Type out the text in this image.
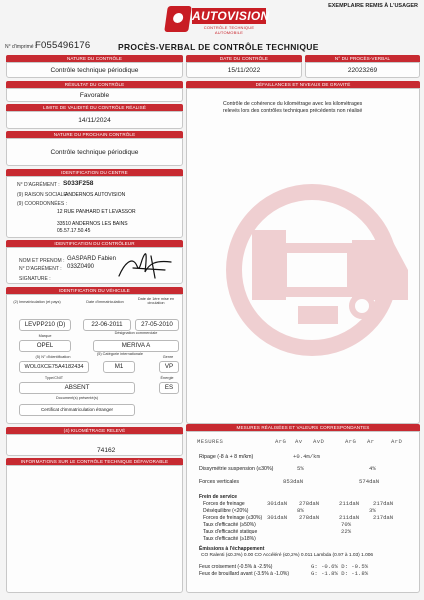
AUTOVISION
CONTRÔLE TECHNIQUE AUTOMOBILE
EXEMPLAIRE REMIS À L'USAGER
N° d'imprimé :
F055496176	PROCÈS-VERBAL DE CONTRÔLE TECHNIQUE
NATURE DU CONTRÔLE
Contrôle technique périodique
DATE DU CONTRÔLE
15/11/2022
N° DU PROCÈS-VERBAL
22023269
RÉSULTAT DU CONTRÔLE
Favorable
LIMITE DE VALIDITÉ DU CONTRÔLE RÉALISÉ
14/11/2024
NATURE DU PROCHAIN CONTRÔLE
Contrôle technique périodique
IDENTIFICATION DU CENTRE
N° D'AGRÉMENT : S033F258
(9) RAISON SOCIALE :
ANDERNOS AUTOVISION
(9) COORDONNÉES :
12 RUE PANHARD ET LEVASSOR
33510 ANDERNOS LES BAINS
05.57.17.50.45
IDENTIFICATION DU CONTRÔLEUR
NOM ET PRENOM : GASPARD Fabien
N° D'AGRÉMENT : 033Z0490
SIGNATURE :
IDENTIFICATION DU VÉHICULE
(2) Immatriculation (et pays)	Date d'immatriculation
Date de 1ère mise en circulation
LEVPP210 (D)	22-06-2011	27-05-2010
Marque
Désignation commerciale
OPEL	MERIVA A
(5) N° d'identification
(5) Catégorie internationale
Genre
WOL0XCE75A4182434	M1	VP
Type/CNIT	Énergie
ABSENT	ES
Document(s) présenté(s)
Certificat d'immatriculation étranger
(4) KILOMÉTRAGE RELEVÉ
74162
INFORMATIONS SUR LE CONTRÔLE TECHNIQUE DÉFAVORABLE
DÉFAILLANCES ET NIVEAUX DE GRAVITÉ
Contrôle de cohérence du kilométrage avec les kilométrages
relevés lors des contrôles techniques précédents non réalisé
MESURES RÉALISÉES ET VALEURS CORRESPONDANTES
MESURES	ArG Av AvD	ArG Ar	ArD
Ripage (-8 à + 8 m/km)	+0.4m/km
Dissymétrie suspension (≤30%)	5%	4%
Forces verticales	853daN	574daN
Frein de service
Forces de freinage	301daN 278daN	211daN 217daN
Déséquilibre (<20%)	8%	3%
Forces de freinage (≤30%) 301daN 278daN	211daN 217daN
Taux d'efficacité (≥50%)	70%
Taux d'efficacité statique	22%
Taux d'efficacité (≥18%)
Émissions à l'échappement
CO Ralenti (≤0.3%) 0.00 CO Accéléré (≤0,2%) 0.011 Lambda (0.97 à 1.03) 1.006
Feux croisement (-0.5% à -2.5%)	G: -0.6% D: -0.5%
Feux de brouillard avant (-3.5% à -1.0%)	G: -1.8% D: -1.8%
